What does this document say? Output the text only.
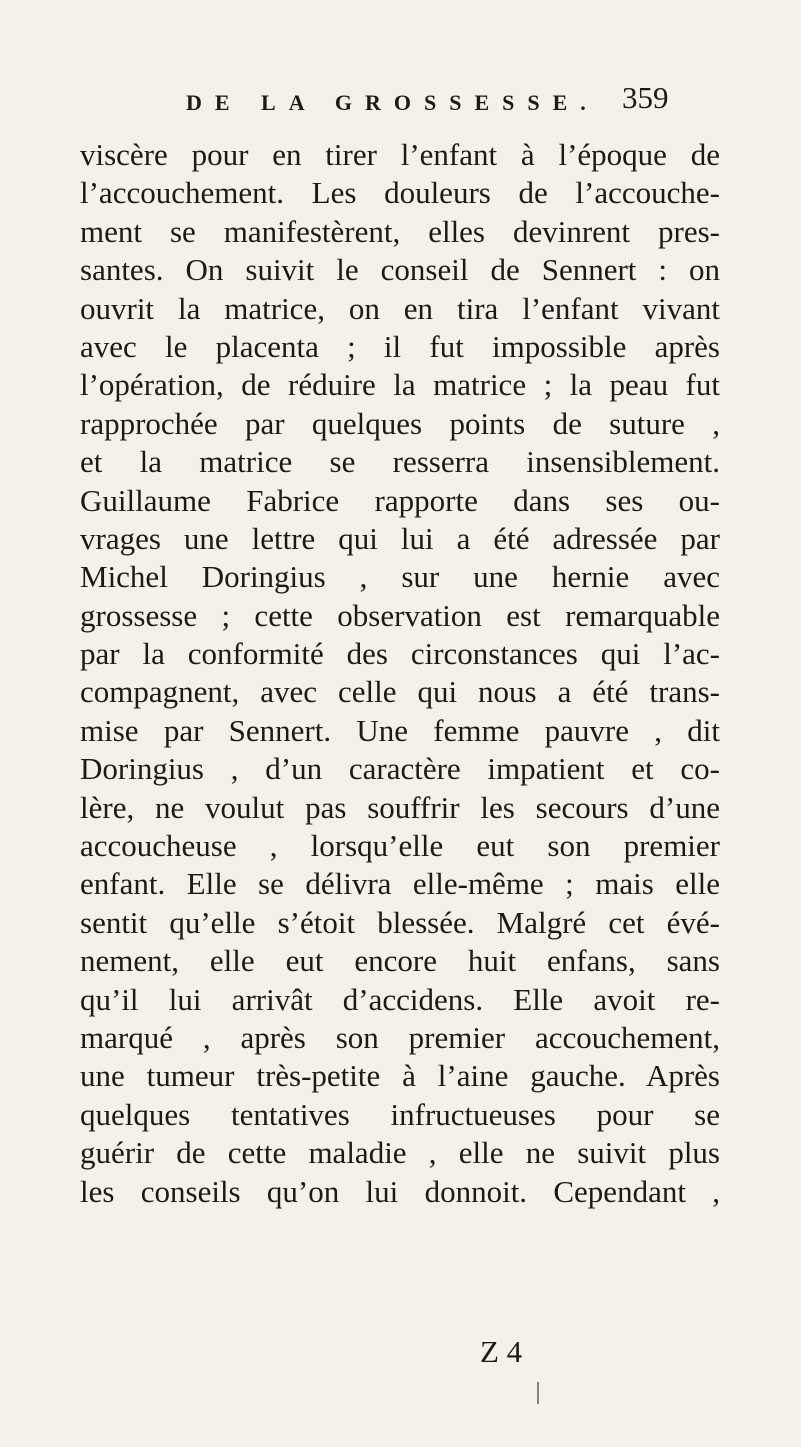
DE LA GROSSESSE. 359
viscère pour en tirer l’enfant à l’époque de
l’accouchement. Les douleurs de l’accouche-
ment se manifestèrent, elles devinrent pres-
santes. On suivit le conseil de Sennert : on
ouvrit la matrice, on en tira l’enfant vivant
avec le placenta ; il fut impossible après
l’opération, de réduire la matrice ; la peau fut
rapprochée par quelques points de suture ,
et la matrice se resserra insensiblement.
Guillaume Fabrice rapporte dans ses ou-
vrages une lettre qui lui a été adressée par
Michel Doringius , sur une hernie avec
grossesse ; cette observation est remarquable
par la conformité des circonstances qui l’ac-
compagnent, avec celle qui nous a été trans-
mise par Sennert. Une femme pauvre , dit
Doringius , d’un caractère impatient et co-
lère, ne voulut pas souffrir les secours d’une
accoucheuse , lorsqu’elle eut son premier
enfant. Elle se délivra elle-même ; mais elle
sentit qu’elle s’étoit blessée. Malgré cet évé-
nement, elle eut encore huit enfans, sans
qu’il lui arrivât d’accidens. Elle avoit re-
marqué , après son premier accouchement,
une tumeur très-petite à l’aine gauche. Après
quelques tentatives infructueuses pour se
guérir de cette maladie , elle ne suivit plus
les conseils qu’on lui donnoit. Cependant ,
Z 4
